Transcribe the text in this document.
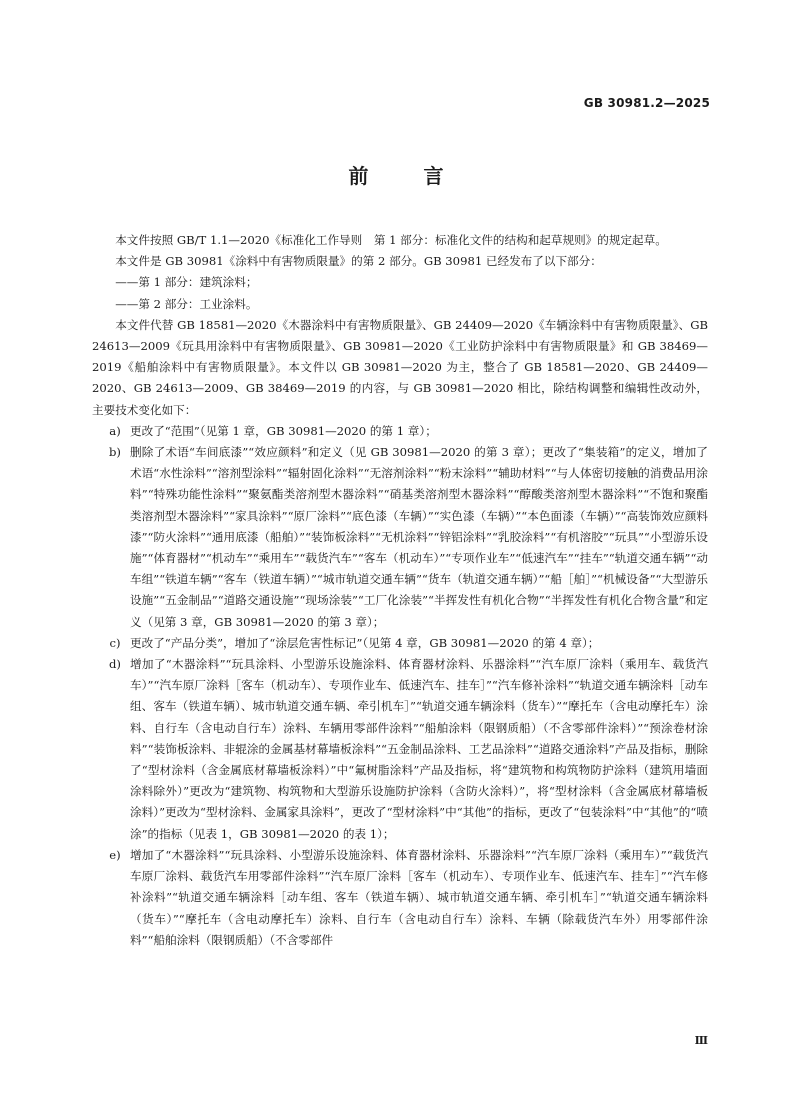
GB 30981.2—2025
前 言

本文件按照 GB/T 1.1—2020《标准化工作导则　第 1 部分：标准化文件的结构和起草规则》的规定起草。

本文件是 GB 30981《涂料中有害物质限量》的第 2 部分。GB 30981 已经发布了以下部分：

——第 1 部分：建筑涂料；

——第 2 部分：工业涂料。

本文件代替 GB 18581—2020《木器涂料中有害物质限量》、GB 24409—2020《车辆涂料中有害物质限量》、GB 24613—2009《玩具用涂料中有害物质限量》、GB 30981—2020《工业防护涂料中有害物质限量》和 GB 38469—2019《船舶涂料中有害物质限量》。本文件以 GB 30981—2020 为主，整合了 GB 18581—2020、GB 24409—2020、GB 24613—2009、GB 38469—2019 的内容，与 GB 30981—2020 相比，除结构调整和编辑性改动外，主要技术变化如下：

a) 更改了“范围”（见第 1 章，GB 30981—2020 的第 1 章）；
b) 删除了术语“车间底漆”“效应颜料”和定义（见 GB 30981—2020 的第 3 章）；更改了“集装箱”的定义，增加了术语“水性涂料”“溶剂型涂料”“辐射固化涂料”“无溶剂涂料”“粉末涂料”“辅助材料”“与人体密切接触的消费品用涂料”“特殊功能性涂料”“聚氨酯类溶剂型木器涂料”“硝基类溶剂型木器涂料”“醇酸类溶剂型木器涂料”“不饱和聚酯类溶剂型木器涂料”“家具涂料”“原厂涂料”“底色漆（车辆）”“实色漆（车辆）”“本色面漆（车辆）”“高装饰效应颜料漆”“防火涂料”“通用底漆（船舶）”“装饰板涂料”“无机涂料”“锌铝涂料”“乳胶涂料”“有机溶胶”“玩具”“小型游乐设施”“体育器材”“机动车”“乘用车”“载货汽车”“客车（机动车）”“专项作业车”“低速汽车”“挂车”“轨道交通车辆”“动车组”“铁道车辆”“客车（铁道车辆）”“城市轨道交通车辆”“货车（轨道交通车辆）”“船［舶］”“机械设备”“大型游乐设施”“五金制品”“道路交通设施”“现场涂装”“工厂化涂装”“半挥发性有机化合物”“半挥发性有机化合物含量”和定义（见第 3 章，GB 30981—2020 的第 3 章）；
c) 更改了“产品分类”，增加了“涂层危害性标记”（见第 4 章，GB 30981—2020 的第 4 章）；
d) 增加了“木器涂料”“玩具涂料、小型游乐设施涂料、体育器材涂料、乐器涂料”“汽车原厂涂料（乘用车、载货汽车）”“汽车原厂涂料［客车（机动车）、专项作业车、低速汽车、挂车］”“汽车修补涂料”“轨道交通车辆涂料［动车组、客车（铁道车辆）、城市轨道交通车辆、牵引机车］”“轨道交通车辆涂料（货车）”“摩托车（含电动摩托车）涂料、自行车（含电动自行车）涂料、车辆用零部件涂料”“船舶涂料（限钢质船）（不含零部件涂料）”“预涂卷材涂料”“装饰板涂料、非辊涂的金属基材幕墙板涂料”“五金制品涂料、工艺品涂料”“道路交通涂料”产品及指标，删除了“型材涂料（含金属底材幕墙板涂料）”中“氟树脂涂料”产品及指标，将“建筑物和构筑物防护涂料（建筑用墙面涂料除外）”更改为“建筑物、构筑物和大型游乐设施防护涂料（含防火涂料）”，将“型材涂料（含金属底材幕墙板涂料）”更改为“型材涂料、金属家具涂料”，更改了“型材涂料”中“其他”的指标，更改了“包装涂料”中“其他”的“喷涂”的指标（见表 1，GB 30981—2020 的表 1）；
e) 增加了“木器涂料”“玩具涂料、小型游乐设施涂料、体育器材涂料、乐器涂料”“汽车原厂涂料（乘用车）”“载货汽车原厂涂料、载货汽车用零部件涂料”“汽车原厂涂料［客车（机动车）、专项作业车、低速汽车、挂车］”“汽车修补涂料”“轨道交通车辆涂料［动车组、客车（铁道车辆）、城市轨道交通车辆、牵引机车］”“轨道交通车辆涂料（货车）”“摩托车（含电动摩托车）涂料、自行车（含电动自行车）涂料、车辆（除载货汽车外）用零部件涂料”“船舶涂料（限钢质船）（不含零部件
Ⅲ
